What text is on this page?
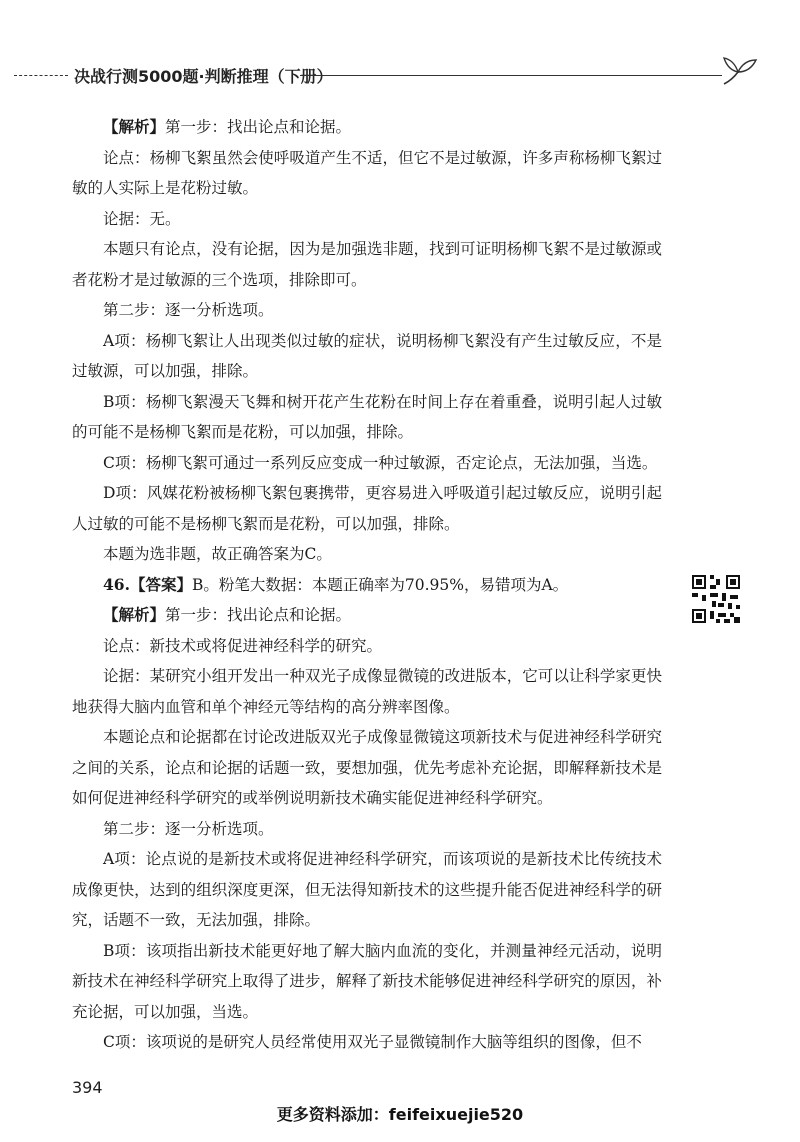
决战行测5000题·判断推理（下册）

【解析】第一步：找出论点和论据。

论点：杨柳飞絮虽然会使呼吸道产生不适，但它不是过敏源，许多声称杨柳飞絮过敏的人实际上是花粉过敏。

论据：无。

本题只有论点，没有论据，因为是加强选非题，找到可证明杨柳飞絮不是过敏源或者花粉才是过敏源的三个选项，排除即可。

第二步：逐一分析选项。

A项：杨柳飞絮让人出现类似过敏的症状，说明杨柳飞絮没有产生过敏反应，不是过敏源，可以加强，排除。

B项：杨柳飞絮漫天飞舞和树开花产生花粉在时间上存在着重叠，说明引起人过敏的可能不是杨柳飞絮而是花粉，可以加强，排除。

C项：杨柳飞絮可通过一系列反应变成一种过敏源，否定论点，无法加强，当选。

D项：风媒花粉被杨柳飞絮包裹携带，更容易进入呼吸道引起过敏反应，说明引起人过敏的可能不是杨柳飞絮而是花粉，可以加强，排除。

本题为选非题，故正确答案为C。

46.【答案】B。粉笔大数据：本题正确率为70.95%，易错项为A。

【解析】第一步：找出论点和论据。

论点：新技术或将促进神经科学的研究。

论据：某研究小组开发出一种双光子成像显微镜的改进版本，它可以让科学家更快地获得大脑内血管和单个神经元等结构的高分辨率图像。

本题论点和论据都在讨论改进版双光子成像显微镜这项新技术与促进神经科学研究之间的关系，论点和论据的话题一致，要想加强，优先考虑补充论据，即解释新技术是如何促进神经科学研究的或举例说明新技术确实能促进神经科学研究。

第二步：逐一分析选项。

A项：论点说的是新技术或将促进神经科学研究，而该项说的是新技术比传统技术成像更快，达到的组织深度更深，但无法得知新技术的这些提升能否促进神经科学的研究，话题不一致，无法加强，排除。

B项：该项指出新技术能更好地了解大脑内血流的变化，并测量神经元活动，说明新技术在神经科学研究上取得了进步，解释了新技术能够促进神经科学研究的原因，补充论据，可以加强，当选。

C项：该项说的是研究人员经常使用双光子显微镜制作大脑等组织的图像，但不

394
更多资料添加：feifeixuejie520
